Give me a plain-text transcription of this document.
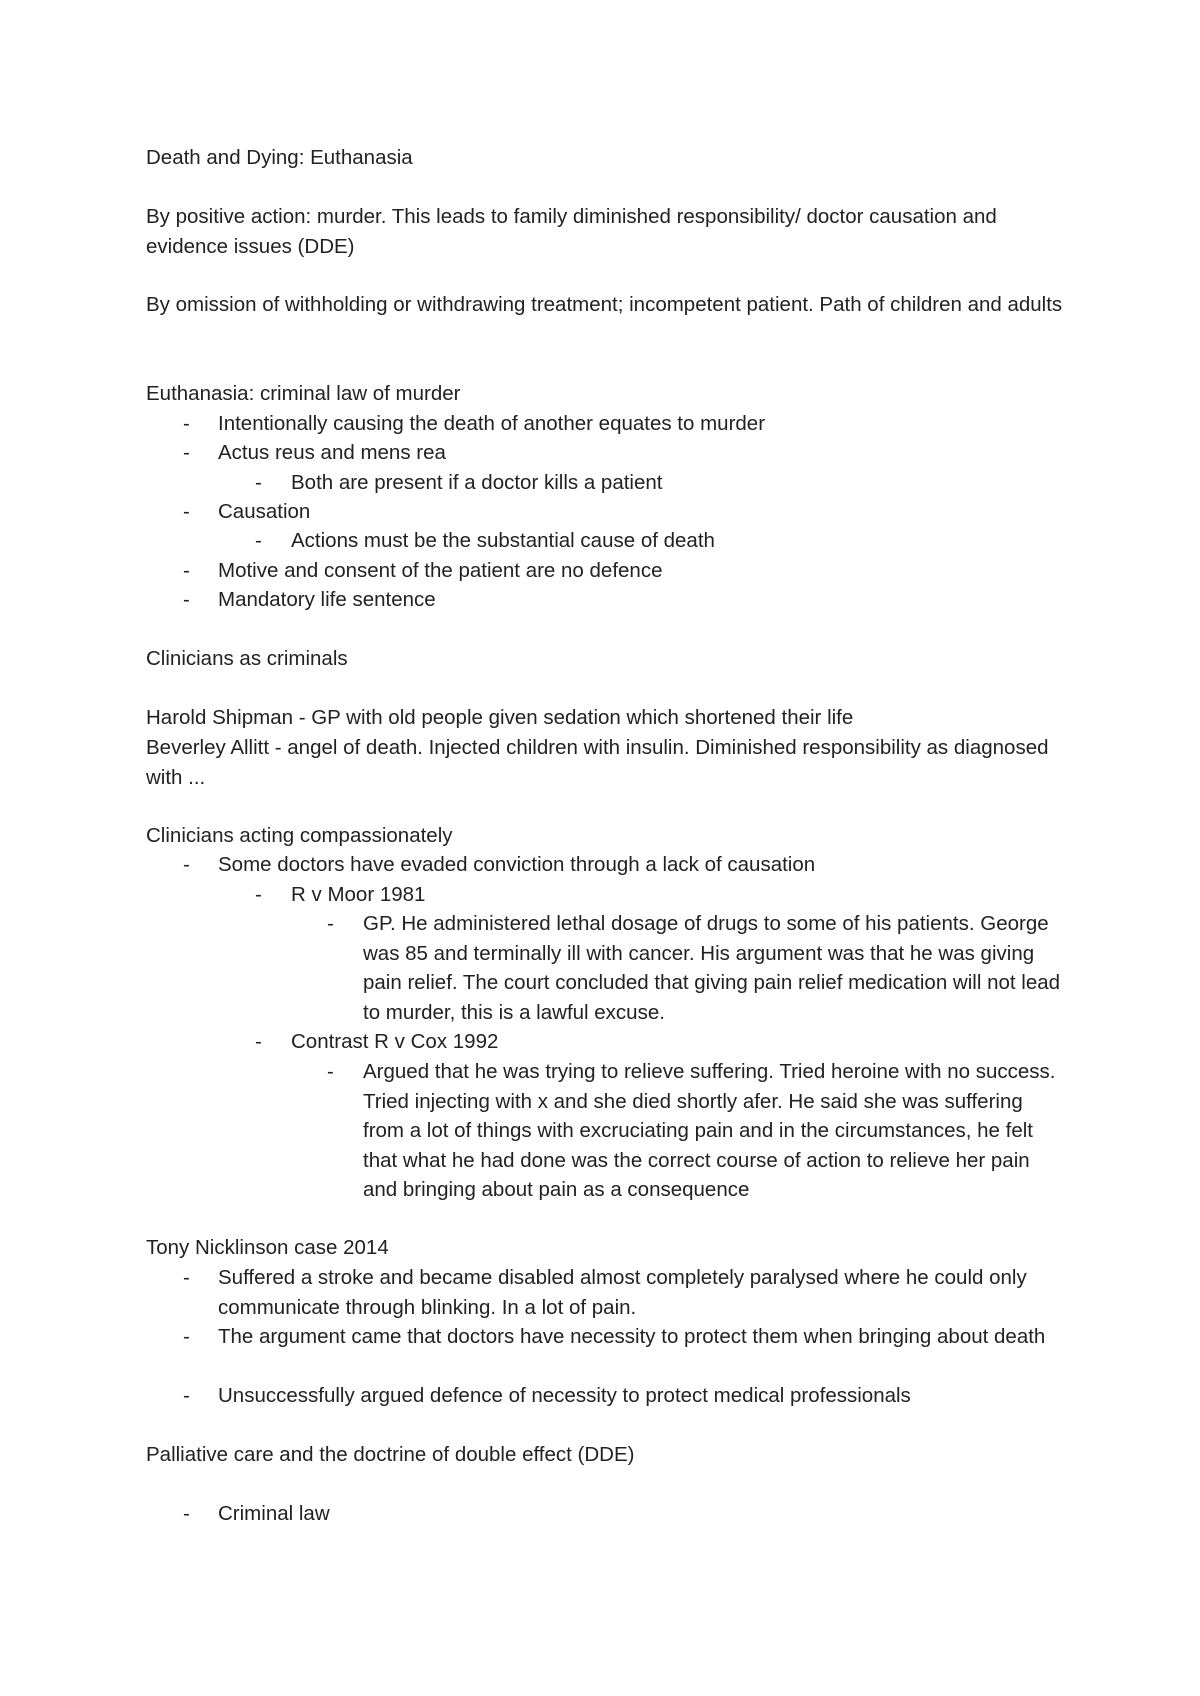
Death and Dying: Euthanasia

By positive action: murder. This leads to family diminished responsibility/ doctor causation and evidence issues (DDE)

By omission of withholding or withdrawing treatment; incompetent patient. Path of children and adults

Euthanasia: criminal law of murder

- Intentionally causing the death of another equates to murder
- Actus reus and mens rea
- Both are present if a doctor kills a patient
- Causation
- Actions must be the substantial cause of death
- Motive and consent of the patient are no defence
- Mandatory life sentence

Clinicians as criminals

Harold Shipman - GP with old people given sedation which shortened their life

Beverley Allitt - angel of death. Injected children with insulin. Diminished responsibility as diagnosed with ...

Clinicians acting compassionately

- Some doctors have evaded conviction through a lack of causation
- R v Moor 1981
- GP. He administered lethal dosage of drugs to some of his patients. George was 85 and terminally ill with cancer. His argument was that he was giving pain relief. The court concluded that giving pain relief medication will not lead to murder, this is a lawful excuse.
- Contrast R v Cox 1992
- Argued that he was trying to relieve suffering. Tried heroine with no success. Tried injecting with x and she died shortly afer. He said she was suffering from a lot of things with excruciating pain and in the circumstances, he felt that what he had done was the correct course of action to relieve her pain and bringing about pain as a consequence

Tony Nicklinson case 2014

- Suffered a stroke and became disabled almost completely paralysed where he could only communicate through blinking. In a lot of pain.
- The argument came that doctors have necessity to protect them when bringing about death
- Unsuccessfully argued defence of necessity to protect medical professionals

Palliative care and the doctrine of double effect (DDE)

- Criminal law
